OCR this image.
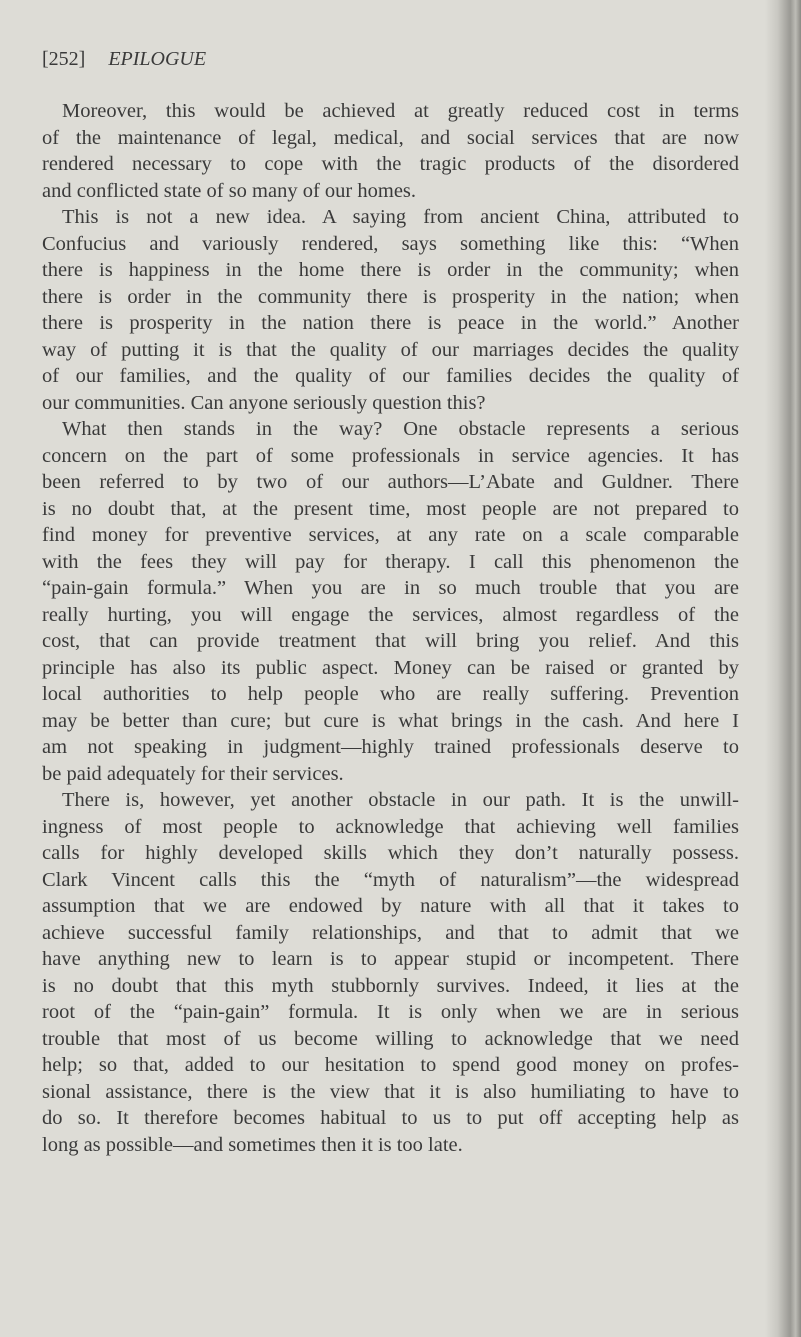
[252] EPILOGUE
Moreover, this would be achieved at greatly reduced cost in terms
of the maintenance of legal, medical, and social services that are now
rendered necessary to cope with the tragic products of the disordered
and conflicted state of so many of our homes.
This is not a new idea. A saying from ancient China, attributed to
Confucius and variously rendered, says something like this: “When
there is happiness in the home there is order in the community; when
there is order in the community there is prosperity in the nation; when
there is prosperity in the nation there is peace in the world.” Another
way of putting it is that the quality of our marriages decides the quality
of our families, and the quality of our families decides the quality of
our communities. Can anyone seriously question this?
What then stands in the way? One obstacle represents a serious
concern on the part of some professionals in service agencies. It has
been referred to by two of our authors—L’Abate and Guldner. There
is no doubt that, at the present time, most people are not prepared to
find money for preventive services, at any rate on a scale comparable
with the fees they will pay for therapy. I call this phenomenon the
“pain-gain formula.” When you are in so much trouble that you are
really hurting, you will engage the services, almost regardless of the
cost, that can provide treatment that will bring you relief. And this
principle has also its public aspect. Money can be raised or granted by
local authorities to help people who are really suffering. Prevention
may be better than cure; but cure is what brings in the cash. And here I
am not speaking in judgment—highly trained professionals deserve to
be paid adequately for their services.
There is, however, yet another obstacle in our path. It is the unwill-
ingness of most people to acknowledge that achieving well families
calls for highly developed skills which they don’t naturally possess.
Clark Vincent calls this the “myth of naturalism”—the widespread
assumption that we are endowed by nature with all that it takes to
achieve successful family relationships, and that to admit that we
have anything new to learn is to appear stupid or incompetent. There
is no doubt that this myth stubbornly survives. Indeed, it lies at the
root of the “pain-gain” formula. It is only when we are in serious
trouble that most of us become willing to acknowledge that we need
help; so that, added to our hesitation to spend good money on profes-
sional assistance, there is the view that it is also humiliating to have to
do so. It therefore becomes habitual to us to put off accepting help as
long as possible—and sometimes then it is too late.
